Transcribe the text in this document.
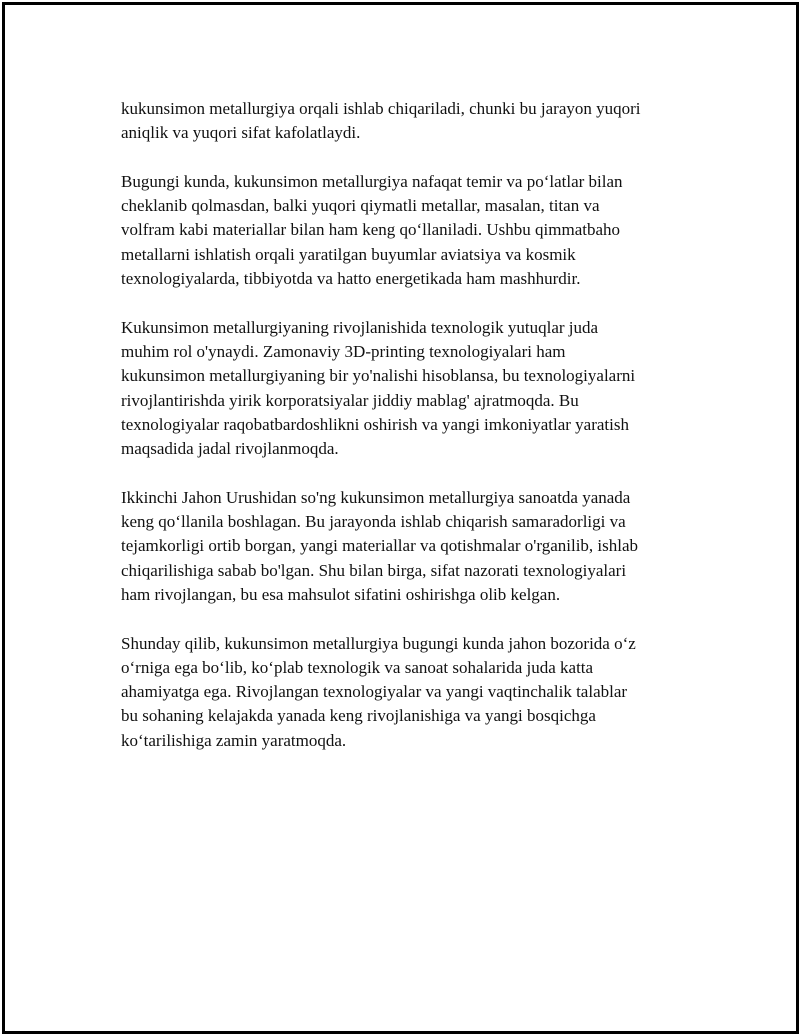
kukunsimon metallurgiya orqali ishlab chiqariladi, chunki bu jarayon yuqori
aniqlik va yuqori sifat kafolatlaydi.

Bugungi kunda, kukunsimon metallurgiya nafaqat temir va poʻlatlar bilan
cheklanib qolmasdan, balki yuqori qiymatli metallar, masalan, titan va
volfram kabi materiallar bilan ham keng qoʻllaniladi. Ushbu qimmatbaho
metallarni ishlatish orqali yaratilgan buyumlar aviatsiya va kosmik
texnologiyalarda, tibbiyotda va hatto energetikada ham mashhurdir.

Kukunsimon metallurgiyaning rivojlanishida texnologik yutuqlar juda
muhim rol o'ynaydi. Zamonaviy 3D-printing texnologiyalari ham
kukunsimon metallurgiyaning bir yo'nalishi hisoblansa, bu texnologiyalarni
rivojlantirishda yirik korporatsiyalar jiddiy mablag' ajratmoqda. Bu
texnologiyalar raqobatbardoshlikni oshirish va yangi imkoniyatlar yaratish
maqsadida jadal rivojlanmoqda.

Ikkinchi Jahon Urushidan so'ng kukunsimon metallurgiya sanoatda yanada
keng qoʻllanila boshlagan. Bu jarayonda ishlab chiqarish samaradorligi va
tejamkorligi ortib borgan, yangi materiallar va qotishmalar o'rganilib, ishlab
chiqarilishiga sabab bo'lgan. Shu bilan birga, sifat nazorati texnologiyalari
ham rivojlangan, bu esa mahsulot sifatini oshirishga olib kelgan.

Shunday qilib, kukunsimon metallurgiya bugungi kunda jahon bozorida oʻz
oʻrniga ega boʻlib, koʻplab texnologik va sanoat sohalarida juda katta
ahamiyatga ega. Rivojlangan texnologiyalar va yangi vaqtinchalik talablar
bu sohaning kelajakda yanada keng rivojlanishiga va yangi bosqichga
koʻtarilishiga zamin yaratmoqda.
